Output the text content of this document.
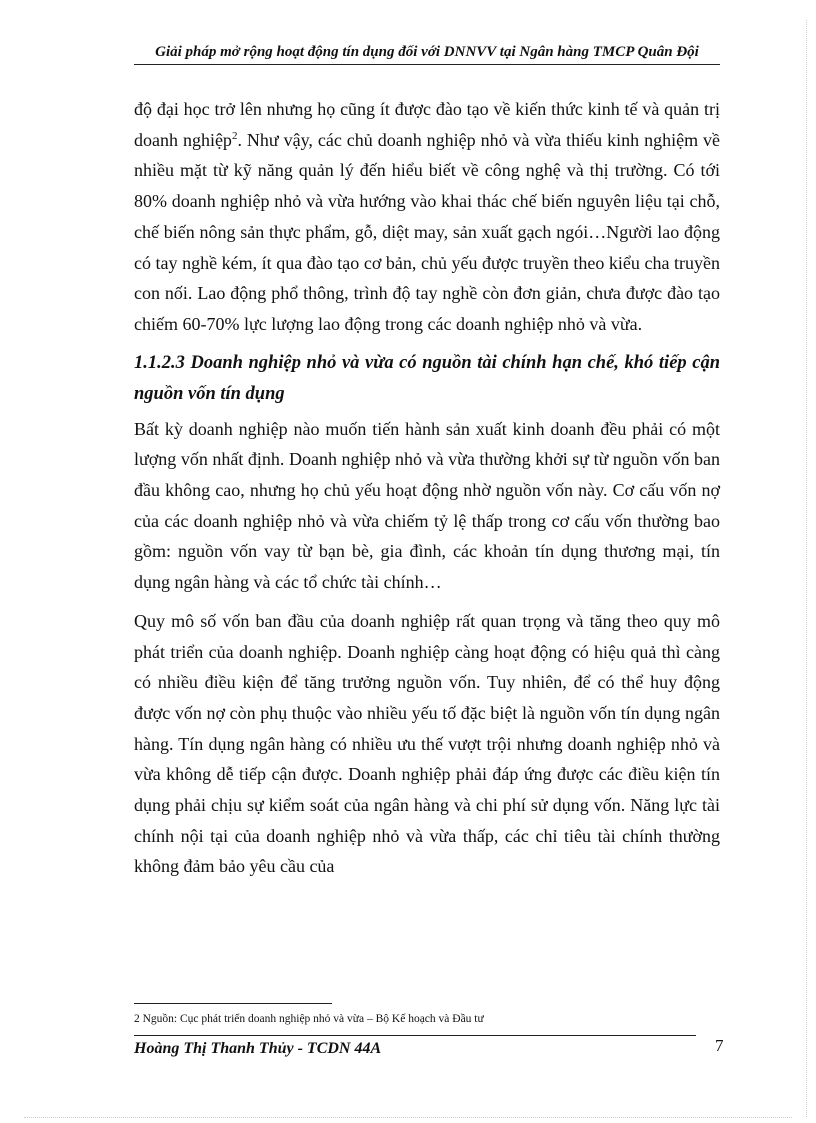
Giải pháp mở rộng hoạt động tín dụng đối với DNNVV tại Ngân hàng TMCP Quân Đội

độ đại học trở lên nhưng họ cũng ít được đào tạo về kiến thức kinh tế và quản trị doanh nghiệp$^2$. Như vậy, các chủ doanh nghiệp nhỏ và vừa thiếu kinh nghiệm về nhiều mặt từ kỹ năng quản lý đến hiểu biết về công nghệ và thị trường. Có tới 80% doanh nghiệp nhỏ và vừa hướng vào khai thác chế biến nguyên liệu tại chỗ, chế biến nông sản thực phẩm, gỗ, diệt may, sản xuất gạch ngói…Người lao động có tay nghề kém, ít qua đào tạo cơ bản, chủ yếu được truyền theo kiểu cha truyền con nối. Lao động phổ thông, trình độ tay nghề còn đơn giản, chưa được đào tạo chiếm 60-70% lực lượng lao động trong các doanh nghiệp nhỏ và vừa.

1.1.2.3 Doanh nghiệp nhỏ và vừa có nguồn tài chính hạn chế, khó tiếp cận nguồn vốn tín dụng

Bất kỳ doanh nghiệp nào muốn tiến hành sản xuất kinh doanh đều phải có một lượng vốn nhất định. Doanh nghiệp nhỏ và vừa thường khởi sự từ nguồn vốn ban đầu không cao, nhưng họ chủ yếu hoạt động nhờ nguồn vốn này. Cơ cấu vốn nợ của các doanh nghiệp nhỏ và vừa chiếm tỷ lệ thấp trong cơ cấu vốn thường bao gồm: nguồn vốn vay từ bạn bè, gia đình, các khoản tín dụng thương mại, tín dụng ngân hàng và các tổ chức tài chính…

Quy mô số vốn ban đầu của doanh nghiệp rất quan trọng và tăng theo quy mô phát triển của doanh nghiệp. Doanh nghiệp càng hoạt động có hiệu quả thì càng có nhiều điều kiện để tăng trưởng nguồn vốn. Tuy nhiên, để có thể huy động được vốn nợ còn phụ thuộc vào nhiều yếu tố đặc biệt là nguồn vốn tín dụng ngân hàng. Tín dụng ngân hàng có nhiều ưu thế vượt trội nhưng doanh nghiệp nhỏ và vừa không dễ tiếp cận được. Doanh nghiệp phải đáp ứng được các điều kiện tín dụng phải chịu sự kiểm soát của ngân hàng và chi phí sử dụng vốn. Năng lực tài chính nội tại của doanh nghiệp nhỏ và vừa thấp, các chỉ tiêu tài chính thường không đảm bảo yêu cầu của

2 Nguồn: Cục phát triển doanh nghiệp nhỏ và vừa – Bộ Kế hoạch và Đầu tư
Hoàng Thị Thanh Thủy - TCDN 44A	7
